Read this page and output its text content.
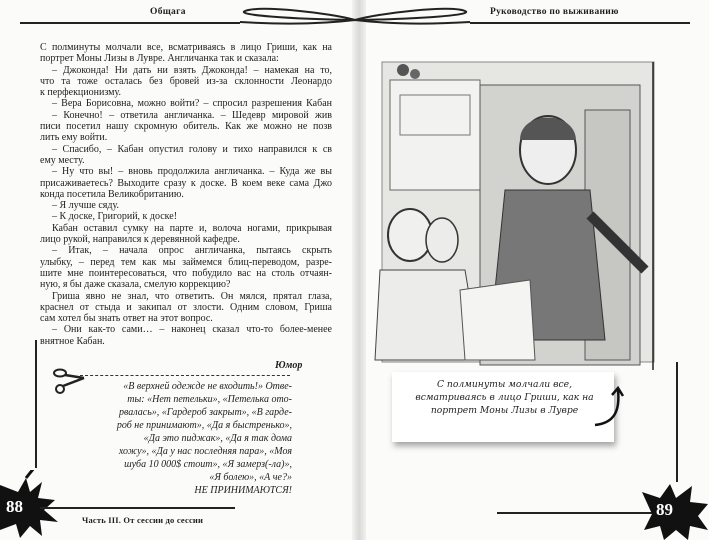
Общага	Руководство по выживанию
С полминуты молчали все, всматриваясь в лицо Гриши, как на
портрет Моны Лизы в Лувре. Англичанка так и сказала:
– Джоконда! Ни дать ни взять Джоконда! – намекая на то,
что та тоже осталась без бровей из-за склонности Леонардо
к перфекционизму.
– Вера Борисовна, можно войти? – спросил разрешения Кабан
– Конечно! – ответила англичанка. – Шедевр мировой жив
писи посетил нашу скромную обитель. Как же можно не позв
лить ему войти.
– Спасибо, – Кабан опустил голову и тихо направился к св
ему месту.
– Ну что вы! – вновь продолжила англичанка. – Куда же вы
присаживаетесь? Выходите сразу к доске. В коем веке сама Джо
конда посетила Великобританию.
– Я лучше сяду.
– К доске, Григорий, к доске!
Кабан оставил сумку на парте и, волоча ногами, прикрывая
лицо рукой, направился к деревянной кафедре.
– Итак, – начала опрос англичанка, пытаясь скрыть
улыбку, – перед тем как мы займемся блиц-переводом, разре-
шите мне поинтересоваться, что побудило вас на столь отчаян-
ную, я бы даже сказала, смелую коррекцию?
Гриша явно не знал, что ответить. Он мялся, прятал глаза,
краснел от стыда и закипал от злости. Одним словом, Гриша
сам хотел бы знать ответ на этот вопрос.
– Они как-то сами… – наконец сказал что-то более-менее
внятное Кабан.
Юмор
«В верхней одежде не входить!» Отве-
ты: «Нет петельки», «Петелька ото-
рвалась», «Гардероб закрыт», «В гарде-
роб не принимают», «Да я быстренько»,
«Да это пиджак», «Да я так дома
хожу», «Да у нас последняя пара», «Моя
шуба 10 000$ стоит», «Я замерз(-ла)»,
«Я болею», «А че?»
НЕ ПРИНИМАЮТСЯ!
88
Часть III. От сессии до сессии
С полминуты молчали все, всматриваясь в лицо Гриши, как на портрет Моны Лизы в Лувре
89
